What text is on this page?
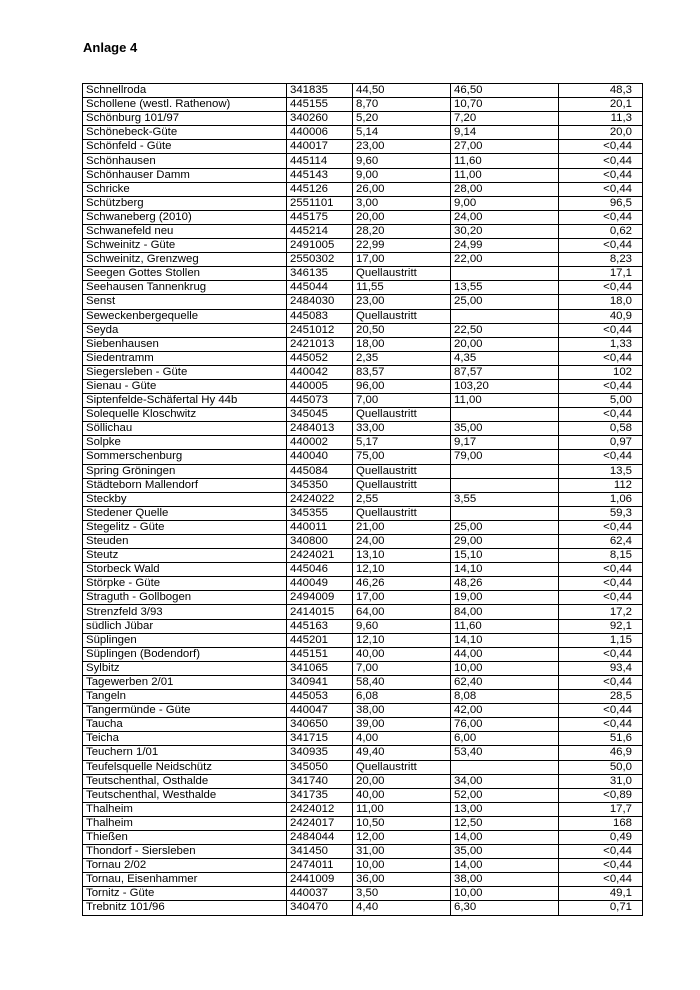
Anlage 4
Schnellroda	341835	44,50	46,50	48,3
Schollene (westl. Rathenow)	445155	8,70	10,70	20,1
Schönburg 101/97	340260	5,20	7,20	11,3
Schönebeck-Güte	440006	5,14	9,14	20,0
Schönfeld - Güte	440017	23,00	27,00	<0,44
Schönhausen	445114	9,60	11,60	<0,44
Schönhauser Damm	445143	9,00	11,00	<0,44
Schricke	445126	26,00	28,00	<0,44
Schützberg	2551101	3,00	9,00	96,5
Schwaneberg (2010)	445175	20,00	24,00	<0,44
Schwanefeld neu	445214	28,20	30,20	0,62
Schweinitz - Güte	2491005	22,99	24,99	<0,44
Schweinitz, Grenzweg	2550302	17,00	22,00	8,23
Seegen Gottes Stollen	346135	Quellaustritt		17,1
Seehausen Tannenkrug	445044	11,55	13,55	<0,44
Senst	2484030	23,00	25,00	18,0
Seweckenbergequelle	445083	Quellaustritt		40,9
Seyda	2451012	20,50	22,50	<0,44
Siebenhausen	2421013	18,00	20,00	1,33
Siedentramm	445052	2,35	4,35	<0,44
Siegersleben - Güte	440042	83,57	87,57	102
Sienau - Güte	440005	96,00	103,20	<0,44
Siptenfelde-Schäfertal Hy 44b	445073	7,00	11,00	5,00
Solequelle Kloschwitz	345045	Quellaustritt		<0,44
Söllichau	2484013	33,00	35,00	0,58
Solpke	440002	5,17	9,17	0,97
Sommerschenburg	440040	75,00	79,00	<0,44
Spring Gröningen	445084	Quellaustritt		13,5
Städteborn Mallendorf	345350	Quellaustritt		112
Steckby	2424022	2,55	3,55	1,06
Stedener Quelle	345355	Quellaustritt		59,3
Stegelitz - Güte	440011	21,00	25,00	<0,44
Steuden	340800	24,00	29,00	62,4
Steutz	2424021	13,10	15,10	8,15
Storbeck Wald	445046	12,10	14,10	<0,44
Störpke - Güte	440049	46,26	48,26	<0,44
Straguth - Gollbogen	2494009	17,00	19,00	<0,44
Strenzfeld 3/93	2414015	64,00	84,00	17,2
südlich Jübar	445163	9,60	11,60	92,1
Süplingen	445201	12,10	14,10	1,15
Süplingen (Bodendorf)	445151	40,00	44,00	<0,44
Sylbitz	341065	7,00	10,00	93,4
Tagewerben 2/01	340941	58,40	62,40	<0,44
Tangeln	445053	6,08	8,08	28,5
Tangermünde - Güte	440047	38,00	42,00	<0,44
Taucha	340650	39,00	76,00	<0,44
Teicha	341715	4,00	6,00	51,6
Teuchern 1/01	340935	49,40	53,40	46,9
Teufelsquelle Neidschütz	345050	Quellaustritt		50,0
Teutschenthal, Osthalde	341740	20,00	34,00	31,0
Teutschenthal, Westhalde	341735	40,00	52,00	<0,89
Thalheim	2424012	11,00	13,00	17,7
Thalheim	2424017	10,50	12,50	168
Thießen	2484044	12,00	14,00	0,49
Thondorf - Siersleben	341450	31,00	35,00	<0,44
Tornau 2/02	2474011	10,00	14,00	<0,44
Tornau, Eisenhammer	2441009	36,00	38,00	<0,44
Tornitz - Güte	440037	3,50	10,00	49,1
Trebnitz 101/96	340470	4,40	6,30	0,71
